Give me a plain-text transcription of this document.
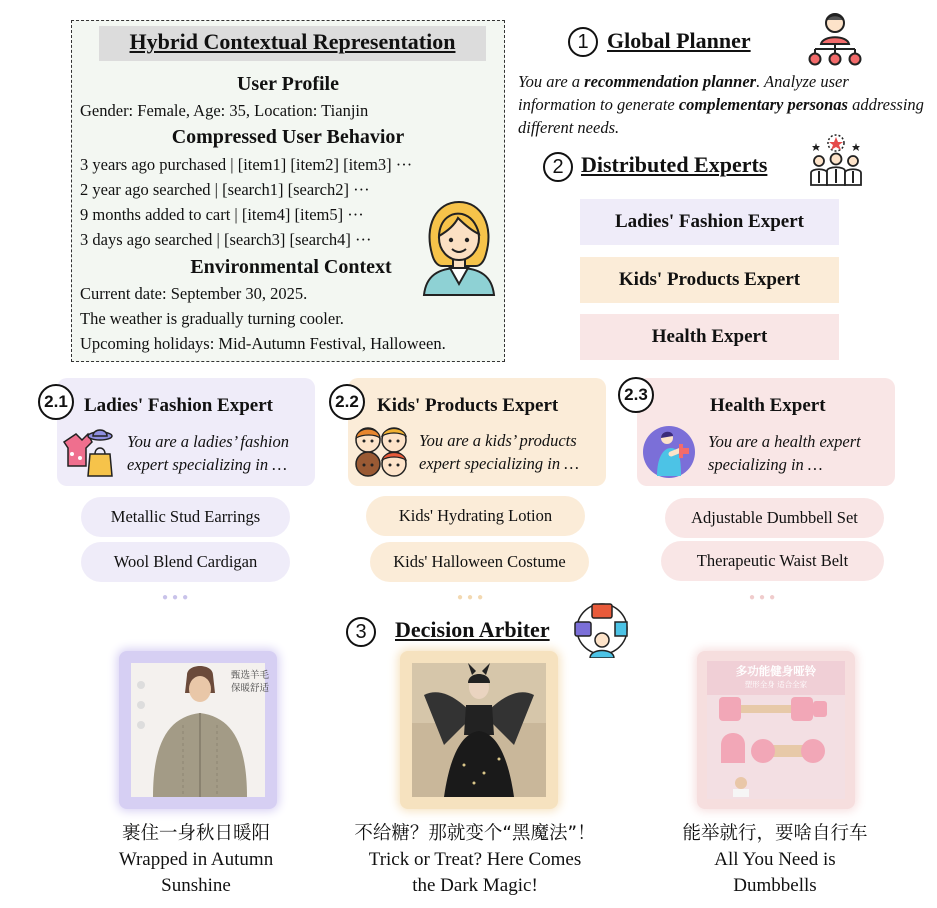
Hybrid Contextual Representation
User Profile
Gender: Female, Age: 35, Location: Tianjin
Compressed User Behavior
3 years ago purchased | [item1] [item2] [item3] ···
2 year ago searched | [search1] [search2] ···
9 months added to cart | [item4] [item5] ···
3 days ago searched | [search3] [search4] ···
Environmental Context
Current date: September 30, 2025.
The weather is gradually turning cooler.
Upcoming holidays: Mid-Autumn Festival, Halloween.
1 Global Planner
You are a recommendation planner. Analyze user information to generate complementary personas addressing different needs.
2 Distributed Experts
Ladies' Fashion Expert
Kids' Products Expert
Health Expert
2.1 Ladies' Fashion Expert
You are a ladies’ fashion
expert specializing in …
Metallic Stud Earrings
Wool Blend Cardigan
●●●
2.2 Kids' Products Expert
You are a kids’ products
expert specializing in …
Kids' Hydrating Lotion
Kids' Halloween Costume
●●●
2.3
Health Expert
You are a health expert
specializing in …
Adjustable Dumbbell Set
Therapeutic Waist Belt
●●●
3	Decision Arbiter
甄选羊毛
保暖舒适
多功能健身哑铃
塑形全身 适合全家
裹住一身秋日暖阳
Wrapped in Autumn
Sunshine
不给糖？那就变个“黑魔法”！
Trick or Treat? Here Comes
the Dark Magic!
能举就行，要啥自行车
All You Need is
Dumbbells
